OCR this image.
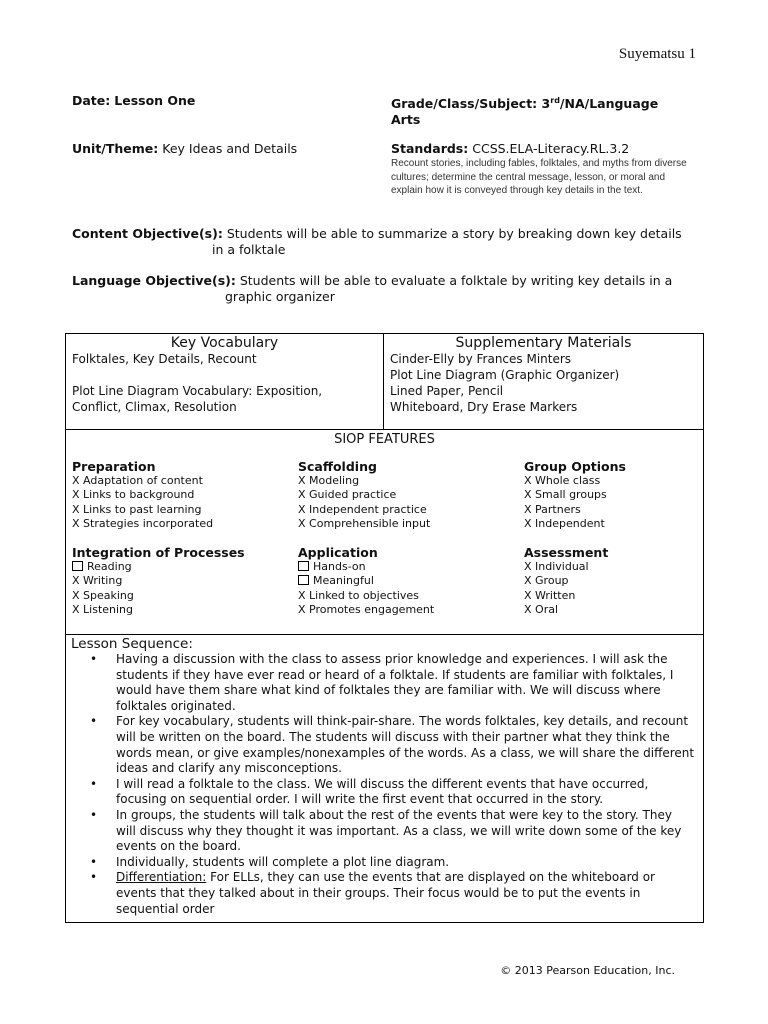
Suyematsu 1
Date: Lesson One	Grade/Class/Subject: 3rd/NA/Language Arts
Unit/Theme: Key Ideas and Details	Standards: CCSS.ELA-Literacy.RL.3.2
Recount stories, including fables, folktales, and myths from diverse cultures; determine the central message, lesson, or moral and explain how it is conveyed through key details in the text.
Content Objective(s): Students will be able to summarize a story by breaking down key details
in a folktale
Language Objective(s): Students will be able to evaluate a folktale by writing key details in a
graphic organizer
Key Vocabulary
Folktales, Key Details, Recount
Plot Line Diagram Vocabulary: Exposition,
Conflict, Climax, Resolution

Supplementary Materials
Cinder-Elly by Frances Minters
Plot Line Diagram (Graphic Organizer)
Lined Paper, Pencil
Whiteboard, Dry Erase Markers

SIOP FEATURES
Preparation
X Adaptation of content
X Links to background
X Links to past learning
X Strategies incorporated
Scaffolding
X Modeling
X Guided practice
X Independent practice
X Comprehensible input
Group Options
X Whole class
X Small groups
X Partners
X Independent
Integration of Processes
Reading
X Writing
X Speaking
X Listening
Application
Hands-on
Meaningful
X Linked to objectives
X Promotes engagement
Assessment
X Individual
X Group
X Written
X Oral

Lesson Sequence:
• Having a discussion with the class to assess prior knowledge and experiences. I will ask the students if they have ever read or heard of a folktale. If students are familiar with folktales, I would have them share what kind of folktales they are familiar with. We will discuss where folktales originated.
• For key vocabulary, students will think-pair-share. The words folktales, key details, and recount will be written on the board. The students will discuss with their partner what they think the words mean, or give examples/nonexamples of the words. As a class, we will share the different ideas and clarify any misconceptions.
• I will read a folktale to the class. We will discuss the different events that have occurred, focusing on sequential order. I will write the first event that occurred in the story.
• In groups, the students will talk about the rest of the events that were key to the story. They will discuss why they thought it was important. As a class, we will write down some of the key events on the board.
• Individually, students will complete a plot line diagram.
• Differentiation: For ELLs, they can use the events that are displayed on the whiteboard or events that they talked about in their groups. Their focus would be to put the events in sequential order
© 2013 Pearson Education, Inc.
